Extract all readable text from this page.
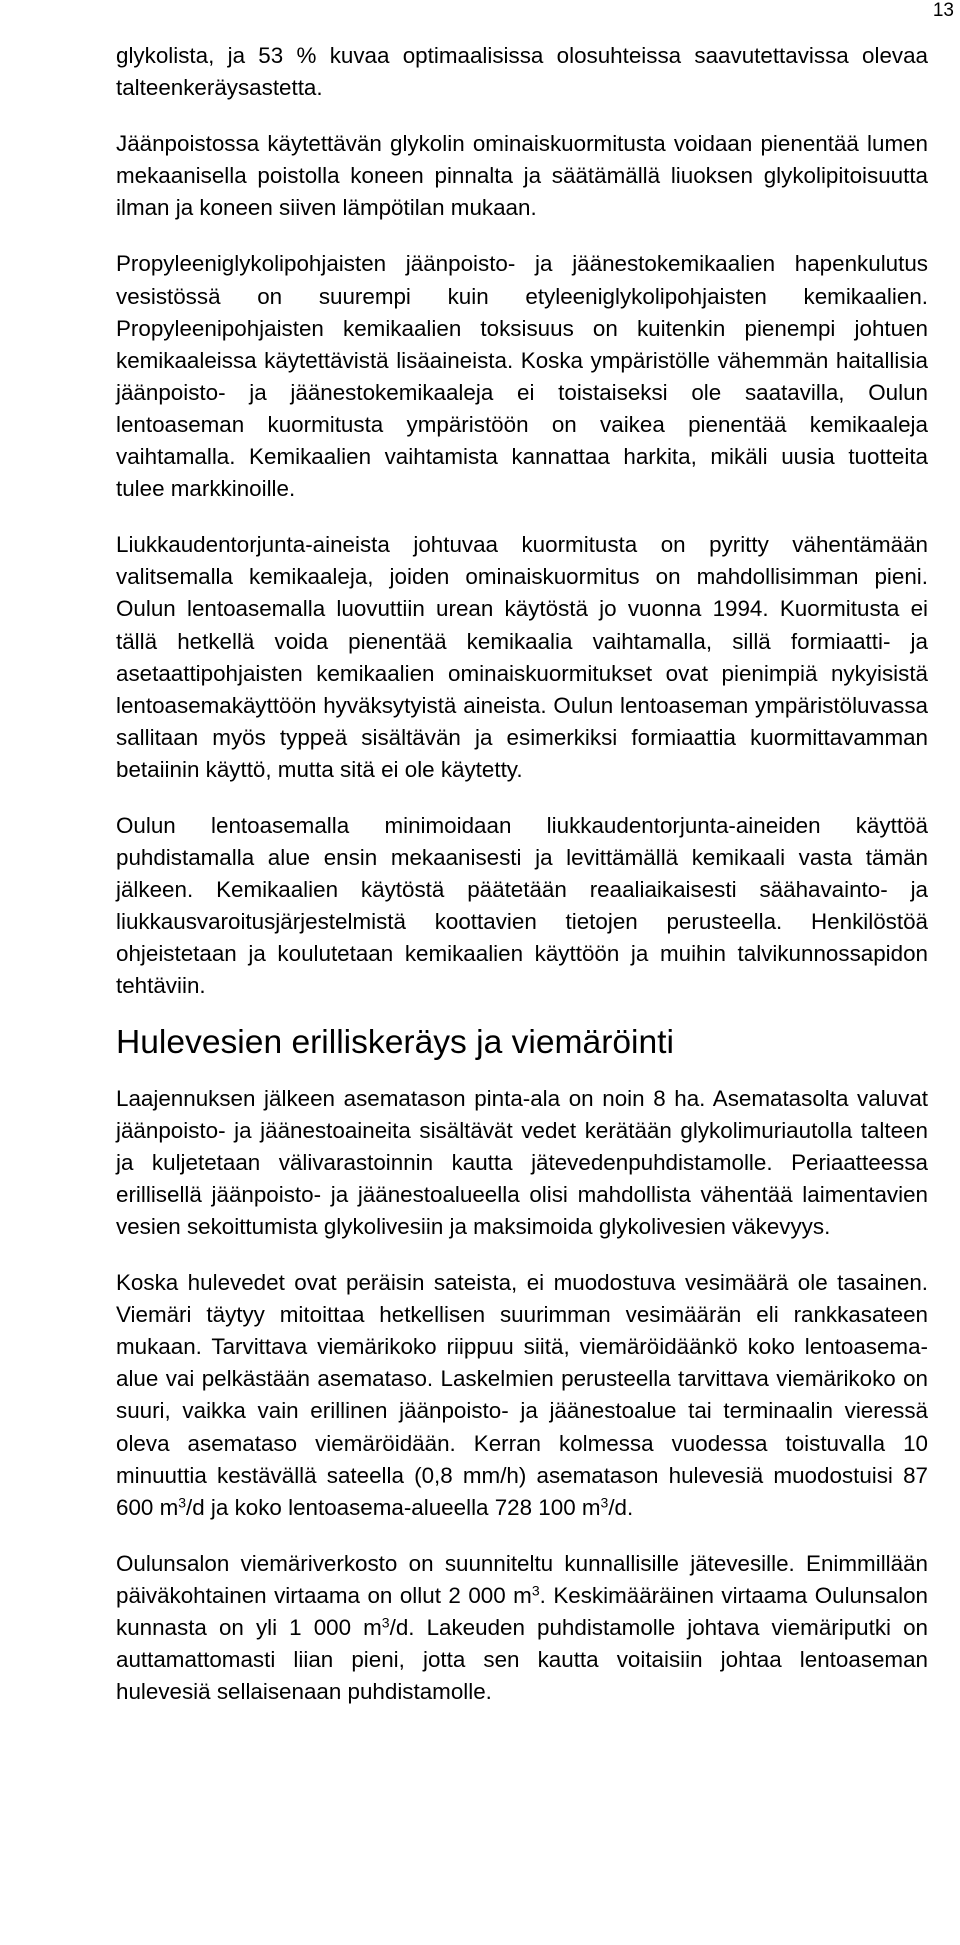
13

glykolista, ja 53 % kuvaa optimaalisissa olosuhteissa saavutettavissa olevaa talteenkeräysastetta.

Jäänpoistossa käytettävän glykolin ominaiskuormitusta voidaan pienentää lumen mekaanisella poistolla koneen pinnalta ja säätämällä liuoksen glykolipitoisuutta ilman ja koneen siiven lämpötilan mukaan.

Propyleeniglykolipohjaisten jäänpoisto- ja jäänestokemikaalien hapenkulutus vesistössä on suurempi kuin etyleeniglykolipohjaisten kemikaalien. Propyleenipohjaisten kemikaalien toksisuus on kuitenkin pienempi johtuen kemikaaleissa käytettävistä lisäaineista. Koska ympäristölle vähemmän haitallisia jäänpoisto- ja jäänestokemikaaleja ei toistaiseksi ole saatavilla, Oulun lentoaseman kuormitusta ympäristöön on vaikea pienentää kemikaaleja vaihtamalla. Kemikaalien vaihtamista kannattaa harkita, mikäli uusia tuotteita tulee markkinoille.

Liukkaudentorjunta-aineista johtuvaa kuormitusta on pyritty vähentämään valitsemalla kemikaaleja, joiden ominaiskuormitus on mahdollisimman pieni. Oulun lentoasemalla luovuttiin urean käytöstä jo vuonna 1994. Kuormitusta ei tällä hetkellä voida pienentää kemikaalia vaihtamalla, sillä formiaatti- ja asetaattipohjaisten kemikaalien ominaiskuormitukset ovat pienimpiä nykyisistä lentoasemakäyttöön hyväksytyistä aineista. Oulun lentoaseman ympäristöluvassa sallitaan myös typpeä sisältävän ja esimerkiksi formiaattia kuormittavamman betaiinin käyttö, mutta sitä ei ole käytetty.

Oulun lentoasemalla minimoidaan liukkaudentorjunta-aineiden käyttöä puhdistamalla alue ensin mekaanisesti ja levittämällä kemikaali vasta tämän jälkeen. Kemikaalien käytöstä päätetään reaaliaikaisesti säähavainto- ja liukkausvaroitusjärjestelmistä koottavien tietojen perusteella. Henkilöstöä ohjeistetaan ja koulutetaan kemikaalien käyttöön ja muihin talvikunnossapidon tehtäviin.

Hulevesien erilliskeräys ja viemäröinti

Laajennuksen jälkeen asematason pinta-ala on noin 8 ha. Asematasolta valuvat jäänpoisto- ja jäänestoaineita sisältävät vedet kerätään glykolimuriautolla talteen ja kuljetetaan välivarastoinnin kautta jätevedenpuhdistamolle. Periaatteessa erillisellä jäänpoisto- ja jäänestoalueella olisi mahdollista vähentää laimentavien vesien sekoittumista glykolivesiin ja maksimoida glykolivesien väkevyys.

Koska hulevedet ovat peräisin sateista, ei muodostuva vesimäärä ole tasainen. Viemäri täytyy mitoittaa hetkellisen suurimman vesimäärän eli rankkasateen mukaan. Tarvittava viemärikoko riippuu siitä, viemäröidäänkö koko lentoasema-alue vai pelkästään asemataso. Laskelmien perusteella tarvittava viemärikoko on suuri, vaikka vain erillinen jäänpoisto- ja jäänestoalue tai terminaalin vieressä oleva asemataso viemäröidään. Kerran kolmessa vuodessa toistuvalla 10 minuuttia kestävällä sateella (0,8 mm/h) asematason hulevesiä muodostuisi 87 600 $m^3/d$ ja koko lentoasema-alueella 728 100 $m^3/d$.

Oulunsalon viemäriverkosto on suunniteltu kunnallisille jätevesille. Enimmillään päiväkohtainen virtaama on ollut 2 000 $m^3$. Keskimääräinen virtaama Oulunsalon kunnasta on yli 1 000 $m^3/d$. Lakeuden puhdistamolle johtava viemäriputki on auttamattomasti liian pieni, jotta sen kautta voitaisiin johtaa lentoaseman hulevesiä sellaisenaan puhdistamolle.
